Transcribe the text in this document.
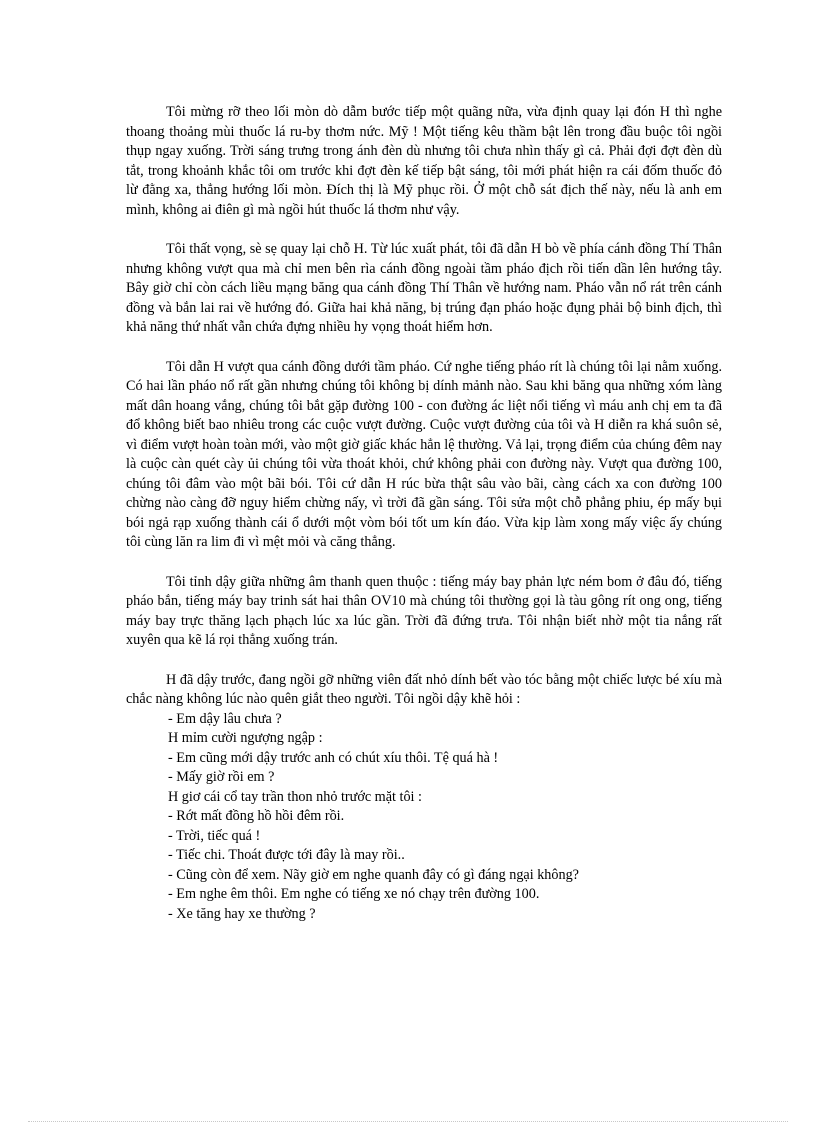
Tôi mừng rỡ theo lối mòn dò dẫm bước tiếp một quãng nữa, vừa định quay lại đón H thì nghe thoang thoảng mùi thuốc lá ru-by thơm nức. Mỹ ! Một tiếng kêu thầm bật lên trong đầu buộc tôi ngồi thụp ngay xuống. Trời sáng trưng trong ánh đèn dù nhưng tôi chưa nhìn thấy gì cả. Phải đợi đợt đèn dù tắt, trong khoảnh khắc tôi om trước khi đợt đèn kế tiếp bật sáng, tôi mới phát hiện ra cái đốm thuốc đỏ lừ đằng xa, thẳng hướng lối mòn. Đích thị là Mỹ phục rồi. Ở một chỗ sát địch thế này, nếu là anh em mình, không ai điên gì mà ngồi hút thuốc lá thơm như vậy.

Tôi thất vọng, sè sẹ quay lại chỗ H. Từ lúc xuất phát, tôi đã dẫn H bò về phía cánh đồng Thí Thân nhưng không vượt qua mà chỉ men bên rìa cánh đồng ngoài tầm pháo địch rồi tiến dần lên hướng tây. Bây giờ chỉ còn cách liều mạng băng qua cánh đồng Thí Thân về hướng nam. Pháo vẫn nổ rát trên cánh đồng và bắn lai rai về hướng đó. Giữa hai khả năng, bị trúng đạn pháo hoặc đụng phải bộ binh địch, thì khả năng thứ nhất vẫn chứa đựng nhiều hy vọng thoát hiểm hơn.

Tôi dẫn H vượt qua cánh đồng dưới tầm pháo. Cứ nghe tiếng pháo rít là chúng tôi lại nằm xuống. Có hai lần pháo nổ rất gần nhưng chúng tôi không bị dính mảnh nào. Sau khi băng qua những xóm làng mất dân hoang vắng, chúng tôi bắt gặp đường 100 - con đường ác liệt nổi tiếng vì máu anh chị em ta đã đổ không biết bao nhiêu trong các cuộc vượt đường. Cuộc vượt đường của tôi và H diễn ra khá suôn sẻ, vì điểm vượt hoàn toàn mới, vào một giờ giấc khác hẳn lệ thường. Vả lại, trọng điểm của chúng đêm nay là cuộc càn quét cày ủi chúng tôi vừa thoát khỏi, chứ không phải con đường này. Vượt qua đường 100, chúng tôi đâm vào một bãi bói. Tôi cứ dẫn H rúc bừa thật sâu vào bãi, càng cách xa con đường 100 chừng nào càng đỡ nguy hiểm chừng nấy, vì trời đã gần sáng. Tôi sửa một chỗ phẳng phiu, ép mấy bụi bói ngả rạp xuống thành cái ổ dưới một vòm bói tốt um kín đáo. Vừa kịp làm xong mấy việc ấy chúng tôi cùng lăn ra lim đi vì mệt mỏi và căng thẳng.

Tôi tỉnh dậy giữa những âm thanh quen thuộc : tiếng máy bay phản lực ném bom ở đâu đó, tiếng pháo bắn, tiếng máy bay trinh sát hai thân OV10 mà chúng tôi thường gọi là tàu gông rít ong ong, tiếng máy bay trực thăng lạch phạch lúc xa lúc gần. Trời đã đứng trưa. Tôi nhận biết nhờ một tia nắng rất xuyên qua kẽ lá rọi thẳng xuống trán.

H đã dậy trước, đang ngồi gỡ những viên đất nhỏ dính bết vào tóc bằng một chiếc lược bé xíu mà chắc nàng không lúc nào quên giắt theo người. Tôi ngồi dậy khẽ hỏi :

- Em dậy lâu chưa ?
H mỉm cười ngượng ngập :
- Em cũng mới dậy trước anh có chút xíu thôi. Tệ quá hà !
- Mấy giờ rồi em ?
H giơ cái cổ tay trần thon nhỏ trước mặt tôi :
- Rớt mất đồng hồ hồi đêm rồi.
- Trời, tiếc quá !
- Tiếc chi. Thoát được tới đây là may rồi..
- Cũng còn để xem. Nãy giờ em nghe quanh đây có gì đáng ngại không?
- Em nghe êm thôi. Em nghe có tiếng xe nó chạy trên đường 100.
- Xe tăng hay xe thường ?
